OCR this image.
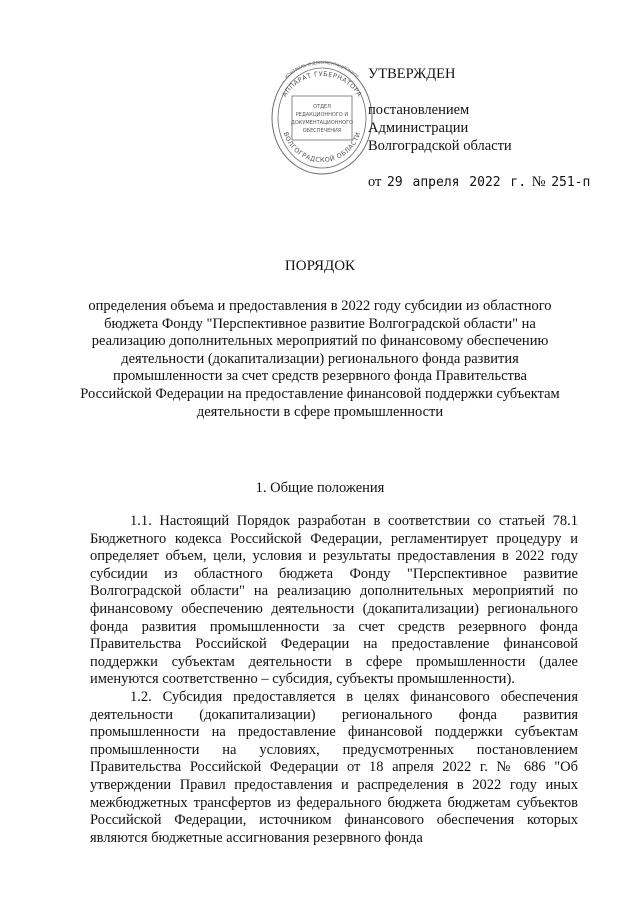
АППАРАТ ГУБЕРНАТОРА
КОНТРОЛЬ И ДОКУМЕНТАЦИОННОЕ
ВОЛГОГРАДСКОЙ ОБЛАСТИ
ОТДЕЛ
РЕДАКЦИОННОГО И
ДОКУМЕНТАЦИОННОГО
ОБЕСПЕЧЕНИЯ
УТВЕРЖДЕН
постановлением
Администрации
Волгоградской области
от 29 апреля 2022 г. № 251-п
ПОРЯДОК
определения объема и предоставления в 2022 году субсидии из областного бюджета Фонду "Перспективное развитие Волгоградской области" на реализацию дополнительных мероприятий по финансовому обеспечению деятельности (докапитализации) регионального фонда развития промышленности за счет средств резервного фонда Правительства Российской Федерации на предоставление финансовой поддержки субъектам деятельности в сфере промышленности
1. Общие положения

1.1. Настоящий Порядок разработан в соответствии со статьей 78.1 Бюджетного кодекса Российской Федерации, регламентирует процедуру и определяет объем, цели, условия и результаты предоставления в 2022 году субсидии из областного бюджета Фонду "Перспективное развитие Волгоградской области" на реализацию дополнительных мероприятий по финансовому обеспечению деятельности (докапитализации) регионального фонда развития промышленности за счет средств резервного фонда Правительства Российской Федерации на предоставление финансовой поддержки субъектам деятельности в сфере промышленности (далее именуются соответственно – субсидия, субъекты промышленности).

1.2. Субсидия предоставляется в целях финансового обеспечения деятельности (докапитализации) регионального фонда развития промышленности на предоставление финансовой поддержки субъектам промышленности на условиях, предусмотренных постановлением Правительства Российской Федерации от 18 апреля 2022 г. № 686 "Об утверждении Правил предоставления и распределения в 2022 году иных межбюджетных трансфертов из федерального бюджета бюджетам субъектов Российской Федерации, источником финансового обеспечения которых являются бюджетные ассигнования резервного фонда
